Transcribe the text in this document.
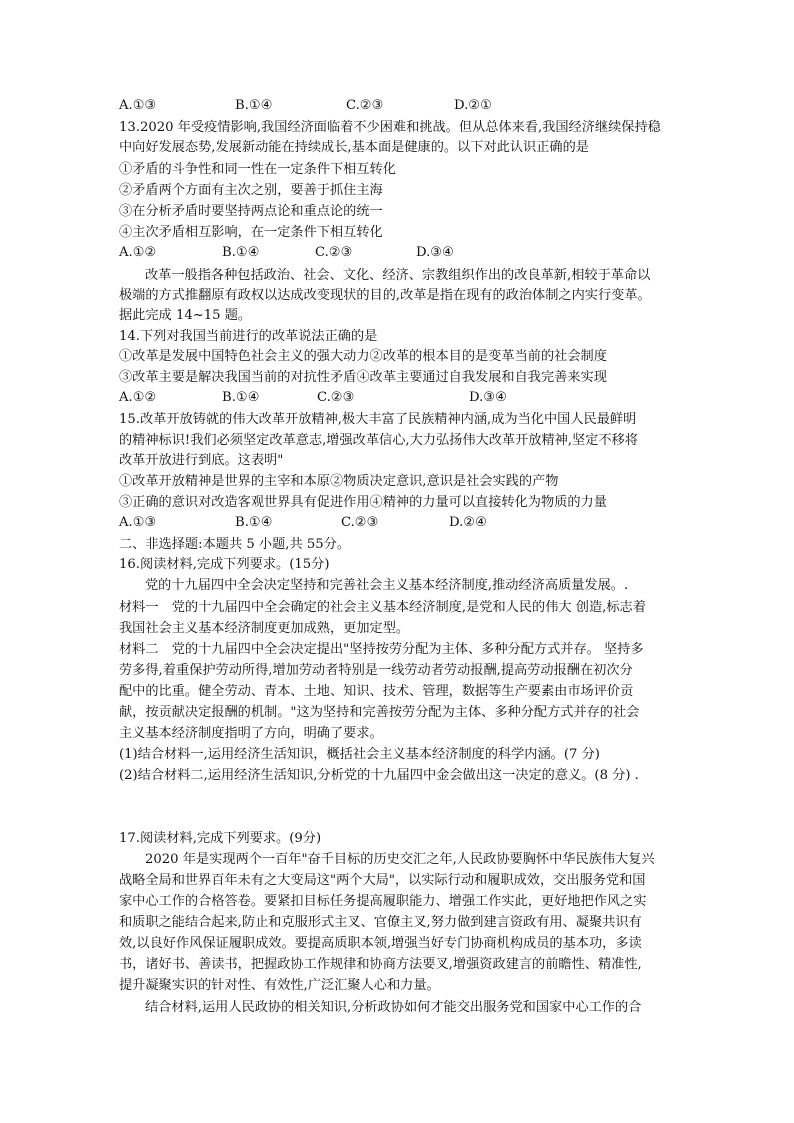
A.①③	B.①④	C.②③	D.②①
13.2020 年受疫情影响,我国经济面临着不少困难和挑战。但从总体来看,我国经济继续保持稳
中向好发展态势,发展新动能在持续成长,基本面是健康的。以下对此认识正确的是
①矛盾的斗争性和同一性在一定条件下相互转化
②矛盾两个方面有主次之别，要善于抓住主海
③在分析矛盾时要坚持两点论和重点论的统一
④主次矛盾相互影响，在一定条件下相互转化
A.①②	B.①④	C.②③	D.③④
改革一般指各种包括政治、社会、文化、经济、宗教组织作出的改良革新,相较于革命以
极端的方式推翻原有政权以达成改变现状的目的,改革是指在现有的政治体制之内实行变革。
据此完成 14~15 题。
14.下列对我国当前进行的改革说法正确的是
①改革是发展中国特色社会主义的强大动力②改革的根本目的是变革当前的社会制度
③改革主要是解决我国当前的对抗性矛盾④改革主要通过自我发展和自我完善来实现
A.①②	B.①④	C.②③	D.③④
15.改革开放铸就的伟大改革开放精神,极大丰富了民族精神内涵,成为当化中国人民最鲜明
的精神标识!我们必须坚定改革意志,增强改革信心,大力弘扬伟大改革开放精神,坚定不移将
改革开放进行到底。这表明"
①改革开放精神是世界的主宰和本原②物质决定意识,意识是社会实践的产物
③正确的意识对改造客观世界具有促进作用④精神的力量可以直接转化为物质的力量
A.①③	B.①④	C.②③	D.②④
二、非选择题:本题共 5 小题,共 55分。
16.阅读材料,完成下列要求。(15分)
党的十九届四中全会决定坚持和完善社会主义基本经济制度,推动经济高质量发展。.
材料一　党的十九届四中全会确定的社会主义基本经济制度,是党和人民的伟大 创造,标志着
我国社会主义基本经济制度更加成熟，更加定型。
材料二　党的十九届四中全会决定提出"坚持按劳分配为主体、多种分配方式并存。 坚持多
劳多得,着重保护劳动所得,增加劳动者特别是一线劳动者劳动报酬,提高劳动报酬在初次分
配中的比重。健全劳动、青本、土地、知识、技术、管理，数据等生产要素由市场评价贡
献，按贡献决定报酬的机制。"这为坚持和完善按劳分配为主体、多种分配方式并存的社会
主义基本经济制度指明了方向，明确了要求。
(1)结合材料一,运用经济生活知识，概括社会主义基本经济制度的科学内涵。(7 分)
(2)结合材料二,运用经济生活知识,分析党的十九届四中金会做出这一决定的意义。(8 分) .
17.阅读材料,完成下列要求。(9分)
2020 年是实现两个一百年"奋千目标的历史交汇之年,人民政协要胸怀中华民族伟大复兴
战略全局和世界百年未有之大变局这"两个大局"，以实际行动和履职成效，交出服务党和国
家中心工作的合格答卷。要紧扣目标任务提高履职能力、增强工作实此，更好地把作风之实
和质职之能结合起来,防止和克服形式主叉、官僚主叉,努力做到建言资政有用、凝聚共识有
效,以良好作风保证履职成效。要提高质职本领,增强当好专门协商机构成员的基本功，多读
书，诸好书、善读书，把握政协工作规律和协商方法要叉,增强资政建言的前瞻性、精准性,
提升凝聚实识的针对性、有效性,广泛汇聚人心和力量。
结合材料,运用人民政协的相关知识,分析政协如何才能交出服务党和国家中心工作的合
